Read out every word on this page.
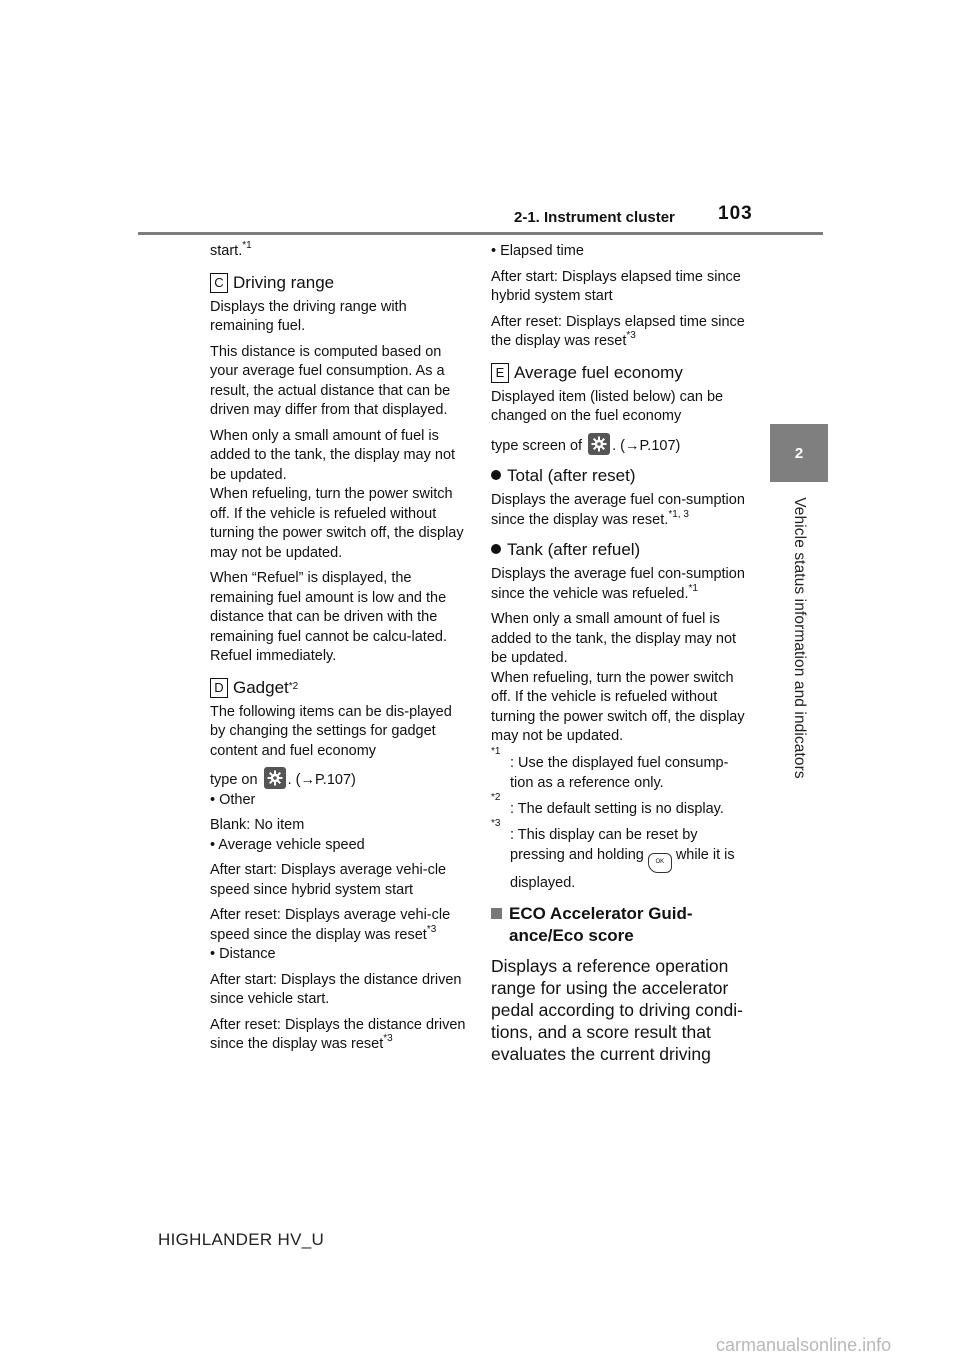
2-1. Instrument cluster 103
2
Vehicle status information and indicators

start.$^{*1}$

C Driving range

Displays the driving range with remaining fuel.

This distance is computed based on your average fuel consumption. As a result, the actual distance that can be driven may differ from that displayed.

When only a small amount of fuel is added to the tank, the display may not be updated.

When refueling, turn the power switch off. If the vehicle is refueled without turning the power switch off, the display may not be updated.

When “Refuel” is displayed, the remaining fuel amount is low and the distance that can be driven with the remaining fuel cannot be calcu-lated.

Refuel immediately.

D Gadget$^{*2}$

The following items can be dis-played by changing the settings for gadget content and fuel economy

type on . (→P.107)

• Other

Blank: No item

• Average vehicle speed

After start: Displays average vehi-cle speed since hybrid system start

After reset: Displays average vehi-cle speed since the display was reset$^{*3}$

• Distance

After start: Displays the distance driven since vehicle start.

After reset: Displays the distance driven since the display was reset$^{*3}$

• Elapsed time

After start: Displays elapsed time since hybrid system start

After reset: Displays elapsed time since the display was reset$^{*3}$

E Average fuel economy

Displayed item (listed below) can be changed on the fuel economy

type screen of . (→P.107)

Total (after reset)

Displays the average fuel con-sumption since the display was reset.$^{*1, 3}$

Tank (after refuel)

Displays the average fuel con-sumption since the vehicle was refueled.$^{*1}$

When only a small amount of fuel is added to the tank, the display may not be updated.

When refueling, turn the power switch off. If the vehicle is refueled without turning the power switch off, the display may not be updated.

$^{*1}$
: Use the displayed fuel consump-tion as a reference only.
$^{*2}$
: The default setting is no display.
$^{*3}$
: This display can be reset by pressing and holding OK while it is displayed.
ECO Accelerator Guid-ance/Eco score

Displays a reference operation range for using the accelerator pedal according to driving condi-tions, and a score result that evaluates the current driving

HIGHLANDER HV_U
carmanualsonline.info
